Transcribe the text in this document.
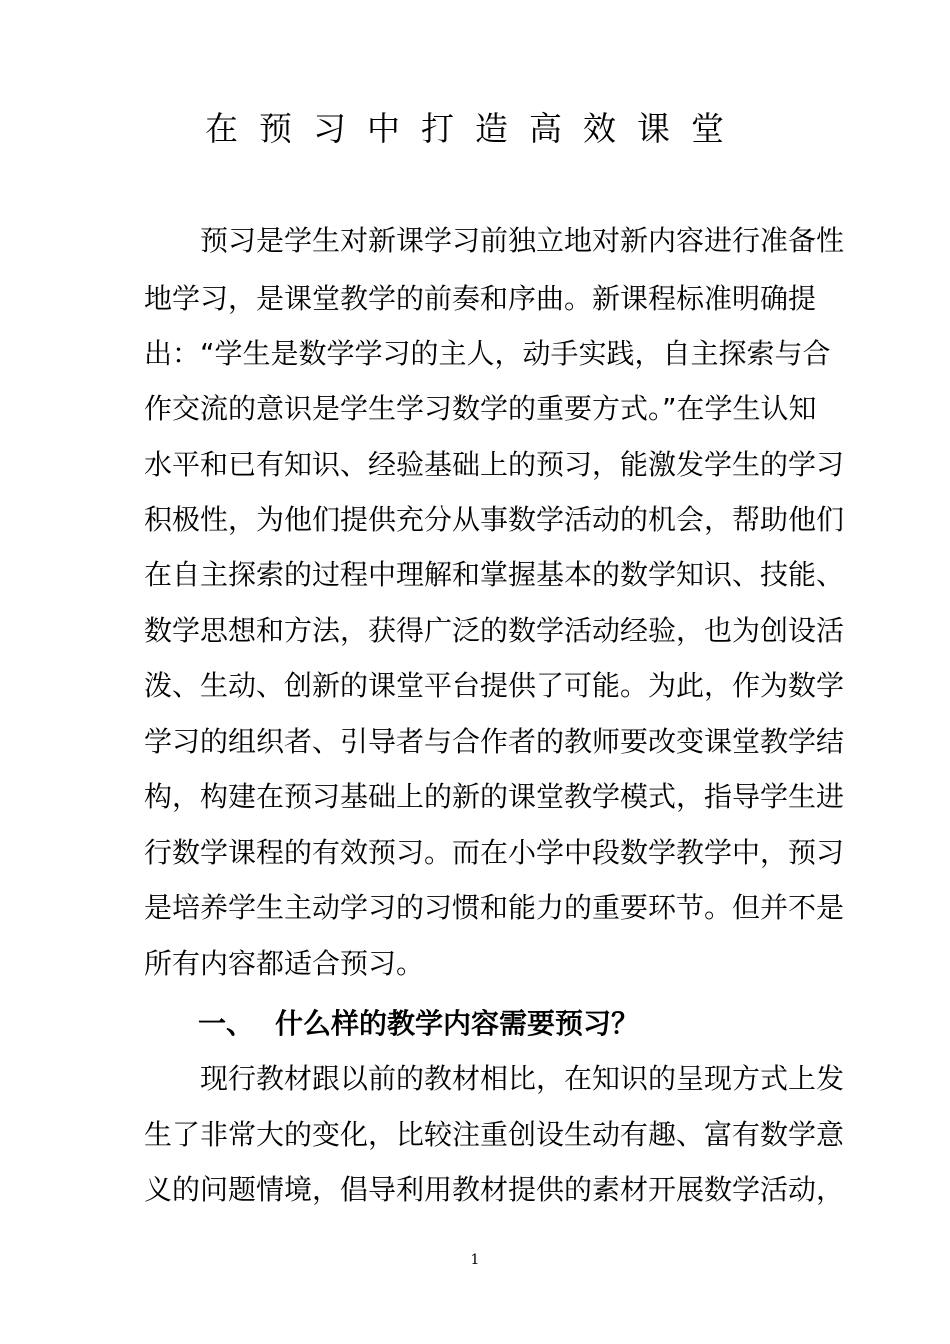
在预习中打造高效课堂
　　预习是学生对新课学习前独立地对新内容进行准备性
地学习，是课堂教学的前奏和序曲。新课程标准明确提
出：“学生是数学学习的主人，动手实践，自主探索与合
作交流的意识是学生学习数学的重要方式。”在学生认知
水平和已有知识、经验基础上的预习，能激发学生的学习
积极性，为他们提供充分从事数学活动的机会，帮助他们
在自主探索的过程中理解和掌握基本的数学知识、技能、
数学思想和方法，获得广泛的数学活动经验，也为创设活
泼、生动、创新的课堂平台提供了可能。为此，作为数学
学习的组织者、引导者与合作者的教师要改变课堂教学结
构，构建在预习基础上的新的课堂教学模式，指导学生进
行数学课程的有效预习。而在小学中段数学教学中，预习
是培养学生主动学习的习惯和能力的重要环节。但并不是
所有内容都适合预习。
一、 什么样的教学内容需要预习？
　　现行教材跟以前的教材相比，在知识的呈现方式上发
生了非常大的变化，比较注重创设生动有趣、富有数学意
义的问题情境，倡导利用教材提供的素材开展数学活动，
1
